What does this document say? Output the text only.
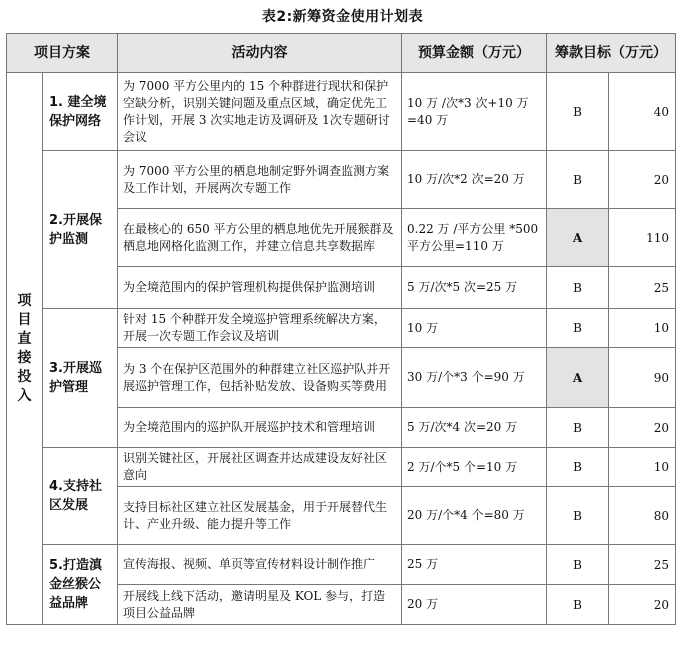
表2:新筹资金使用计划表
项目方案		活动内容	预算金额（万元）	筹款目标（万元）	
项目直接投入	1. 建全境保护网络	为 7000 平方公里内的 15 个种群进行现状和保护空缺分析，识别关键问题及重点区域，确定优先工作计划，开展 3 次实地走访及调研及 1次专题研讨会议	10 万 /次*3 次+10 万 =40 万	B	40
	2.开展保护监测	为 7000 平方公里的栖息地制定野外调查监测方案及工作计划，开展两次专题工作	10 万/次*2 次=20 万	B	20
		在最核心的 650 平方公里的栖息地优先开展猴群及栖息地网格化监测工作，并建立信息共享数据库	0.22 万 /平方公里 *500 平方公里=110 万	A	110
		为全境范围内的保护管理机构提供保护监测培训	5 万/次*5 次=25 万	B	25
	3.开展巡护管理	针对 15 个种群开发全境巡护管理系统解决方案，开展一次专题工作会议及培训	10 万	B	10
		为 3 个在保护区范围外的种群建立社区巡护队并开展巡护管理工作，包括补贴发放、设备购买等费用	30 万/个*3 个=90 万	A	90
		为全境范围内的巡护队开展巡护技术和管理培训	5 万/次*4 次=20 万	B	20
	4.支持社区发展	识别关键社区，开展社区调查并达成建设友好社区意向	2 万/个*5 个=10 万	B	10
		支持目标社区建立社区发展基金，用于开展替代生计、产业升级、能力提升等工作	20 万/个*4 个=80 万	B	80
	5.打造滇金丝猴公益品牌	宣传海报、视频、单页等宣传材料设计制作推广	25 万	B	25
		开展线上线下活动，邀请明星及 KOL 参与，打造项目公益品牌	20 万	B	20
